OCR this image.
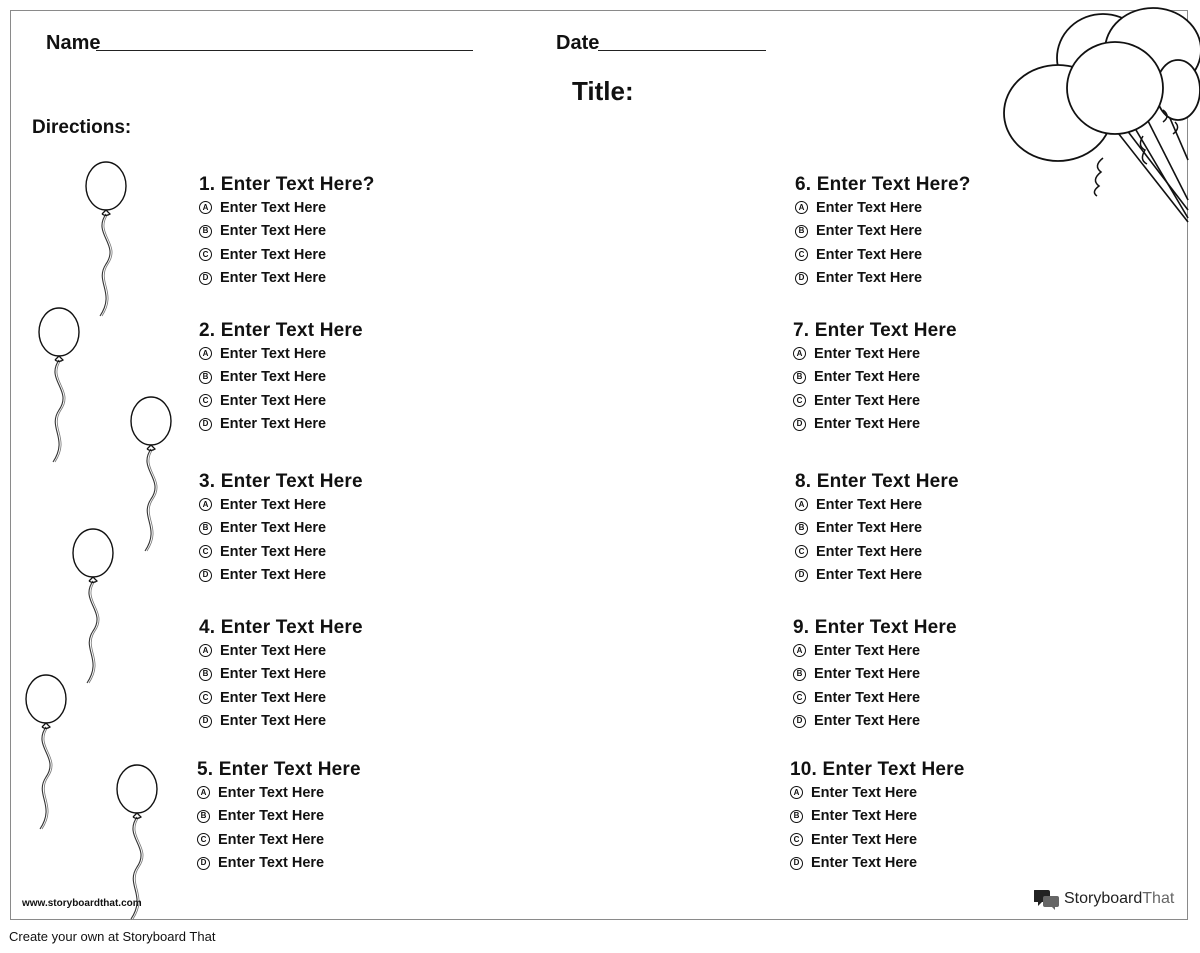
Name	Date
Title:
Directions:
1. Enter Text Here?
A Enter Text Here
B Enter Text Here
C Enter Text Here
D Enter Text Here
2. Enter Text Here
A Enter Text Here
B Enter Text Here
C Enter Text Here
D Enter Text Here
3. Enter Text Here
A Enter Text Here
B Enter Text Here
C Enter Text Here
D Enter Text Here
4. Enter Text Here
A Enter Text Here
B Enter Text Here
C Enter Text Here
D Enter Text Here
5. Enter Text Here
A Enter Text Here
B Enter Text Here
C Enter Text Here
D Enter Text Here
6. Enter Text Here?
A Enter Text Here
B Enter Text Here
C Enter Text Here
D Enter Text Here
7. Enter Text Here
A Enter Text Here
B Enter Text Here
C Enter Text Here
D Enter Text Here
8. Enter Text Here
A Enter Text Here
B Enter Text Here
C Enter Text Here
D Enter Text Here
9. Enter Text Here
A Enter Text Here
B Enter Text Here
C Enter Text Here
D Enter Text Here
10. Enter Text Here
A Enter Text Here
B Enter Text Here
C Enter Text Here
D Enter Text Here
www.storyboardthat.com	StoryboardThat
Create your own at Storyboard That
